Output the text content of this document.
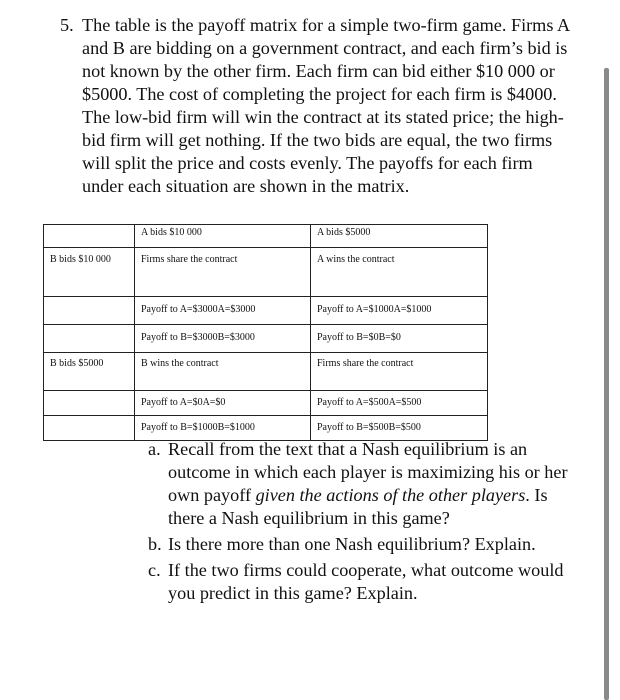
5. The table is the payoff matrix for a simple two-firm game. Firms A and B are bidding on a government contract, and each firm’s bid is not known by the other firm. Each firm can bid either $10 000 or $5000. The cost of completing the project for each firm is $4000. The low-bid firm will win the contract at its stated price; the high-bid firm will get nothing. If the two bids are equal, the two firms will split the price and costs evenly. The payoffs for each firm under each situation are shown in the matrix.
	A bids $10 000	A bids $5000
B bids $10 000	Firms share the contract	A wins the contract
	Payoff to A=$3000A=$3000	Payoff to A=$1000A=$1000
	Payoff to B=$3000B=$3000	Payoff to B=$0B=$0
B bids $5000	B wins the contract	Firms share the contract
	Payoff to A=$0A=$0	Payoff to A=$500A=$500
	Payoff to B=$1000B=$1000	Payoff to B=$500B=$500
a. Recall from the text that a Nash equilibrium is an outcome in which each player is maximizing his or her own payoff given the actions of the other players. Is there a Nash equilibrium in this game?
b. Is there more than one Nash equilibrium? Explain.
c. If the two firms could cooperate, what outcome would you predict in this game? Explain.
